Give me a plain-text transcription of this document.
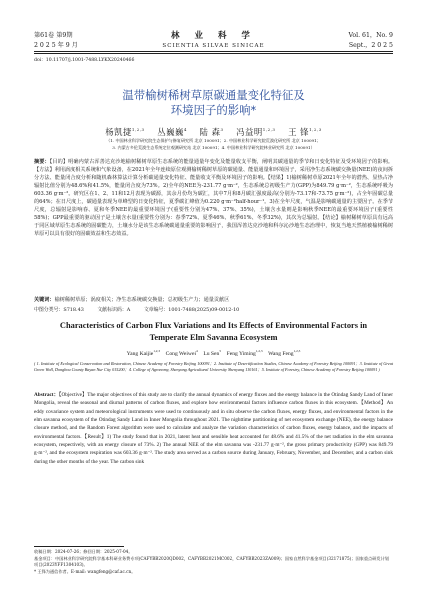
第61卷 第9期	林 业 科 学	Vol. 61，No. 9
2 0 2 5 年 9 月	SCIENTIA SILVAE SINICAE	Sept.，2 0 2 5
doi：10.11707/j.1001-7488.LYKX20240466
温带榆树稀树草原碳通量变化特征及
环境因子的影响*
杨凯捷$^{1,2,3}$ 丛巍巍$^4$ 陆 森$^3$ 冯益明$^{1,2,3}$ 王 锋$^{1,2,3}$
（1. 中国林业科学研究院生态保护与修复研究所 北京 100091；2. 中国林业科学研究院荒漠化研究所 北京 100091；
3. 内蒙古多伦荒漠生态系统定位观测研究站 北京 100091；4. 中国林业科学研究院林业研究所 北京 100091）
摘要：【目的】明确内蒙古浑善达克沙地榆树稀树草原生态系统的能量通量年变化及能量收支平衡，阐明其碳通量的季节和日变化特征及受环境因子的影响。【方法】利用涡度相关系统和气象设备，在2021年全年连续原位观测榆树稀树草原的碳通量、能量通量和环境因子，采用净生态系统碳交换量(NEE)的夜间拆分方法、能量闭合度分析和随机森林算法计算分析碳通量变化特征、能量收支平衡及环境因子的影响。【结果】1)榆树稀树草原2021年全年的潜热、显热占净辐射比值分别为48.6%和41.5%，能量闭合度为73%。2)全年的NEE为-231.77 g·m⁻²，生态系统总初级生产力(GPP)为849.79 g·m⁻²，生态系统呼吸为603.36 g·m⁻²。研究区在1、2、11和12月表现为碳源，其余月份均为碳汇，其中7月和8月碳汇强度最高(分别为-73.17和-73.75 g·m⁻²)，占全年固碳总量的64%；在日尺度上，碳通量表现为单峰型的日变化特征，夏季碳汇峰值为0.220 g·m⁻²half-hour⁻¹。3)在全年尺度，气温是影响碳通量的主要因子。在季节尺度，总辐射是影响春、夏和冬季NEE的最重要环境因子(重要性分别为47%、37%、35%)，土壤含水量则是影响秋季NEE的最重要环境因子(重要性58%)；GPP最重要的驱动因子是土壤含水量(重要性分别为：春季72%、夏季46%、秋季61%、冬季32%)，其次为总辐射。【结论】榆树稀树草原具有远高于同区域草原生态系统的固碳能力，土壤水分是该生态系统碳通量重要的影响因子，我国浑善达克沙地和科尔沁沙地生态治理中，恢复当地天然植被榆树稀树草原可以具有很好的固碳效益和生态效益。
关键词：榆树稀树草原；涡度相关；净生态系统碳交换量；总初级生产力；通量贡献区
中图分类号：S718.43	文献标识码：A	文章编号：1001-7488(2025)09-0012-10
Characteristics of Carbon Flux Variations and Its Effects of Environmental Factors in
Temperate Elm Savanna Ecosystem
Yang Kaijie$^{1,2,3}$ Cong Weiwei$^4$ Lu Sen$^5$ Feng Yiming$^{1,2,3}$ Wang Feng$^{1,2,3}$
( 1. Institute of Ecological Conservation and Restoration, Chinese Academy of Forestry Beijing 100091；2. Institute of Desertification Studies, Chinese Academy of Forestry Beijing 100091；3. Institute of Great Green Wall, Dongbou County Bayan Nur City 015200；4. College of Agronomy, Shenyang Agricultural University Shenyang 110161；5. Institute of Forestry, Chinese Academy of Forestry Beijing 100091 )
Abstract：【Objective】The major objectives of this study are to clarify the annual dynamics of energy fluxes and the energy balance in the Otindag Sandy Land of Inner Mongolia, reveal the seasonal and diurnal patterns of carbon fluxes, and explore how environmental factors influence carbon fluxes in this ecosystem.【Method】An eddy covariance system and meteorological instruments were used to continuously and in situ observe the carbon fluxes, energy fluxes, and environmental factors in the elm savanna ecosystem of the Otindag Sandy Land in Inner Mongolia throughout 2021. The nighttime partitioning of net ecosystem exchange (NEE), the energy balance closure method, and the Random Forest algorithm were used to calculate and analyze the variation characteristics of carbon fluxes, energy balance, and the impacts of environmental factors.【Result】1) The study found that in 2021, latent heat and sensible heat accounted for 48.6% and 41.5% of the net radiation in the elm savanna ecosystem, respectively, with an energy closure of 73%. 2) The annual NEE of the elm savanna was -231.77 g·m⁻², the gross primary productivity (GPP) was 849.79 g·m⁻², and the ecosystem respiration was 603.36 g·m⁻². The study area served as a carbon source during January, February, November, and December, and a carbon sink during the other months of the year. The carbon sink
收稿日期：2024-07-26；修回日期：2025-07-04。
基金项目：中国林业科学研究院科学基本科研业务费专项(CAFYBB2020QD002，CAFYBB2021MC002，CAFYBB2023ZA009)；国家自然科学基金项目(32171875)；国家重点研发计划项目(2023YFF1304103)。
* 王锋为通信作者。E-mail: wangfeng@caf.ac.cn。
